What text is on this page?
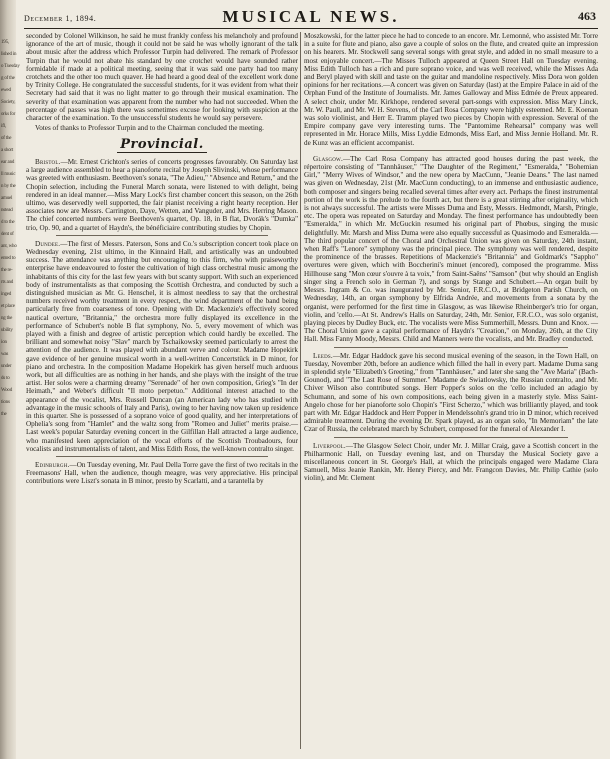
195,
lished in
o Tuesday
g of the
ewed
Society,
orks for
ifl,
of the
a short
ear and
ll music
n by the
amuel
nstead
d to the
dent of
ant, who
ented to
the re-
rts and
inged
et place
ng the
ubility
ion
was
under
ds to
Wood
tions
the
December 1, 1894.	MUSICAL NEWS.	463

seconded by Colonel Wilkinson, he said he must frankly confess his melancholy and profound ignorance of the art of music, though it could not be said he was wholly ignorant of the talk about music after the address which Professor Turpin had delivered. The remark of Professor Turpin that he would not abate his standard by one crotchet would have sounded rather formidable if made at a political meeting, seeing that it was said one party had too many crotchets and the other too much quaver. He had heard a good deal of the excellent work done by Trinity College. He congratulated the successful students, for it was evident from what their Secretary had said that it was no light matter to go through their musical examination. The severity of that examination was apparent from the number who had not succeeded. When the percentage of passes was high there was sometimes excuse for looking with suspicion at the character of the examination. To the unsuccessful students he would say persevere.

Votes of thanks to Professor Turpin and to the Chairman concluded the meeting.

Provincial.

Bristol.—Mr. Ernest Crichton's series of concerts progresses favourably. On Saturday last a large audience assembled to hear a pianoforte recital by Joseph Slivinski, whose performance was greeted with enthusiasm. Beethoven's sonata, "The Adieu," "Absence and Return," and the Chopin selection, including the Funeral March sonata, were listened to with delight, being rendered in an ideal manner.—Miss Mary Lock's first chamber concert this season, on the 26th ultimo, was deservedly well supported, the fair pianist receiving a right hearty reception. Her associates now are Messrs. Carrington, Daye, Wetten, and Vanguder, and Mrs. Herring Mason. The chief concerted numbers were Beethoven's quartet, Op. 18, in B flat, Dvorák's "Dumka" trio, Op. 90, and a quartet of Haydn's, the bénéficiaire contributing studies by Chopin.

Dundee.—The first of Messrs. Paterson, Sons and Co.'s subscription concert took place on Wednesday evening, 21st ultimo, in the Kinnaird Hall, and artistically was an undoubted success. The attendance was anything but encouraging to this firm, who with praiseworthy enterprise have endeavoured to foster the cultivation of high class orchestral music among the inhabitants of this city for the last few years with but scanty support. With such an experienced body of instrumentalists as that composing the Scottish Orchestra, and conducted by such a distinguished musician as Mr. G. Henschel, it is almost needless to say that the orchestral numbers received worthy treatment in every respect, the wind department of the band being particularly free from coarseness of tone. Opening with Dr. Mackenzie's effectively scored nautical overture, "Britannia," the orchestra more fully displayed its excellence in the performance of Schubert's noble B flat symphony, No. 5, every movement of which was played with a finish and degree of artistic perception which could hardly be excelled. The brilliant and somewhat noisy "Slav" march by Tschaikowsky seemed particularly to arrest the attention of the audience. It was played with abundant verve and colour. Madame Hopekirk gave evidence of her genuine musical worth in a well-written Concertstück in D minor, for piano and orchestra. In the composition Madame Hopekirk has given herself much arduous work, but all difficulties are as nothing in her hands, and she plays with the insight of the true artist. Her solos were a charming dreamy "Serenade" of her own composition, Grieg's "In der Heimath," and Weber's difficult "Il moto perpetuo." Additional interest attached to the appearance of the vocalist, Mrs. Russell Duncan (an American lady who has studied with advantage in the music schools of Italy and Paris), owing to her having now taken up residence in this quarter. She is possessed of a soprano voice of good quality, and her interpretations of Ophelia's song from "Hamlet" and the waltz song from "Romeo and Juliet" merits praise.—Last week's popular Saturday evening concert in the Gilfillan Hall attracted a large audience, who manifested keen appreciation of the vocal efforts of the Scottish Troubadours, four vocalists and instrumentalists of talent, and Miss Edith Ross, the well-known contralto singer.

Edinburgh.—On Tuesday evening, Mr. Paul Della Torre gave the first of two recitals in the Freemasons' Hall, when the audience, though meagre, was very appreciative. His principal contributions were Liszt's sonata in B minor, presto by Scarlatti, and a tarantella by

Moszkowski, for the latter piece he had to concede to an encore. Mr. Lemonné, who assisted Mr. Torre in a suite for flute and piano, also gave a couple of solos on the flute, and created quite an impression on his hearers. Mr. Stockwell sang several songs with great style, and added in no small measure to a most enjoyable concert.—The Misses Tulloch appeared at Queen Street Hall on Tuesday evening. Miss Edith Tulloch has a rich and pure soprano voice, and was well received, while the Misses Ada and Beryl played with skill and taste on the guitar and mandoline respectively. Miss Dora won golden opinions for her recitations.—A concert was given on Saturday (last) at the Empire Palace in aid of the Orphan Fund of the Institute of Journalists. Mr. James Galloway and Miss Edmée de Preux appeared. A select choir, under Mr. Kirkhope, rendered several part-songs with expression. Miss Mary Linck, Mr. W. Paull, and Mr. W. H. Stevens, of the Carl Rosa Company were highly esteemed. Mr. E. Koenan was solo violinist, and Herr E. Tramm played two pieces by Chopin with expression. Several of the Empire company gave very interesting turns. The "Pantomime Rehearsal" company was well represented in Mr. Horace Mills, Miss Lyddie Edmonds, Miss Earl, and Miss Jennie Holland. Mr. R. de Kunz was an efficient accompanist.

Glasgow.—The Carl Rosa Company has attracted good houses during the past week, the répertoire consisting of "Tannhäuser," "The Daughter of the Regiment," "Esmeralda," "Bohemian Girl," "Merry Wives of Windsor," and the new opera by MacCunn, "Jeanie Deans." The last named was given on Wednesday, 21st (Mr. MacCunn conducting), to an immense and enthusiastic audience, both composer and singers being recalled several times after every act. Perhaps the finest instrumental portion of the work is the prelude to the fourth act, but there is a great stirring after originality, which is not always successful. The artists were Misses Duma and Esty, Messrs. Hedmondt, Marsh, Pringle, etc. The opera was repeated on Saturday and Monday. The finest performance has undoubtedly been "Esmeralda," in which Mr. McGuckin resumed his original part of Phœbus, singing the music delightfully. Mr. Marsh and Miss Duma were also equally successful as Quasimodo and Esmeralda.—The third popular concert of the Choral and Orchestral Union was given on Saturday, 24th instant, when Raff's "Lenore" symphony was the principal piece. The symphony was well rendered, despite the prominence of the brasses. Repetitions of Mackenzie's "Britannia" and Goldmark's "Sappho" overtures were given, which with Boccherini's minuet (encored), composed the programme. Miss Hillhouse sang "Mon cœur s'ouvre à ta voix," from Saint-Saëns' "Samson" (but why should an English singer sing a French solo in German ?), and songs by Stange and Schubert.—An organ built by Messrs. Ingram & Co. was inaugurated by Mr. Senior, F.R.C.O., at Bridgeton Parish Church, on Wednesday, 14th, an organ symphony by Elfrida Andrée, and movements from a sonata by the organist, were performed for the first time in Glasgow, as was likewise Rheinberger's trio for organ, violin, and 'cello.—At St. Andrew's Halls on Saturday, 24th, Mr. Senior, F.R.C.O., was solo organist, playing pieces by Dudley Buck, etc. The vocalists were Miss Summerhill, Messrs. Dunn and Knox. —The Choral Union gave a capital performance of Haydn's "Creation," on Monday, 26th, at the City Hall. Miss Fanny Moody, Messrs. Child and Manners were the vocalists, and Mr. Bradley conducted.

Leeds.—Mr. Edgar Haddock gave his second musical evening of the season, in the Town Hall, on Tuesday, November 20th, before an audience which filled the hall in every part. Madame Duma sang in splendid style "Elizabeth's Greeting," from "Tannhäuser," and later she sang the "Ave Maria" (Bach-Gounod), and "The Last Rose of Summer." Madame de Swiatlowsky, the Russian contralto, and Mr. Chiver Wilson also contributed songs. Herr Popper's solos on the 'cello included an adagio by Schumann, and some of his own compositions, each being given in a masterly style. Miss Saint-Angelo chose for her pianoforte solo Chopin's "First Scherzo," which was brilliantly played, and took part with Mr. Edgar Haddock and Herr Popper in Mendelssohn's grand trio in D minor, which received admirable treatment. During the evening Dr. Spark played, as an organ solo, "In Memoriam" the late Czar of Russia, the celebrated march by Schubert, composed for the funeral of Alexander I.

Liverpool.—The Glasgow Select Choir, under Mr. J. Millar Craig, gave a Scottish concert in the Philharmonic Hall, on Tuesday evening last, and on Thursday the Musical Society gave a miscellaneous concert in St. George's Hall, at which the principals engaged were Madame Clara Samuell, Miss Jeanie Rankin, Mr. Henry Piercy, and Mr. Frangcon Davies, Mr. Philip Cathie (solo violin), and Mr. Clement
